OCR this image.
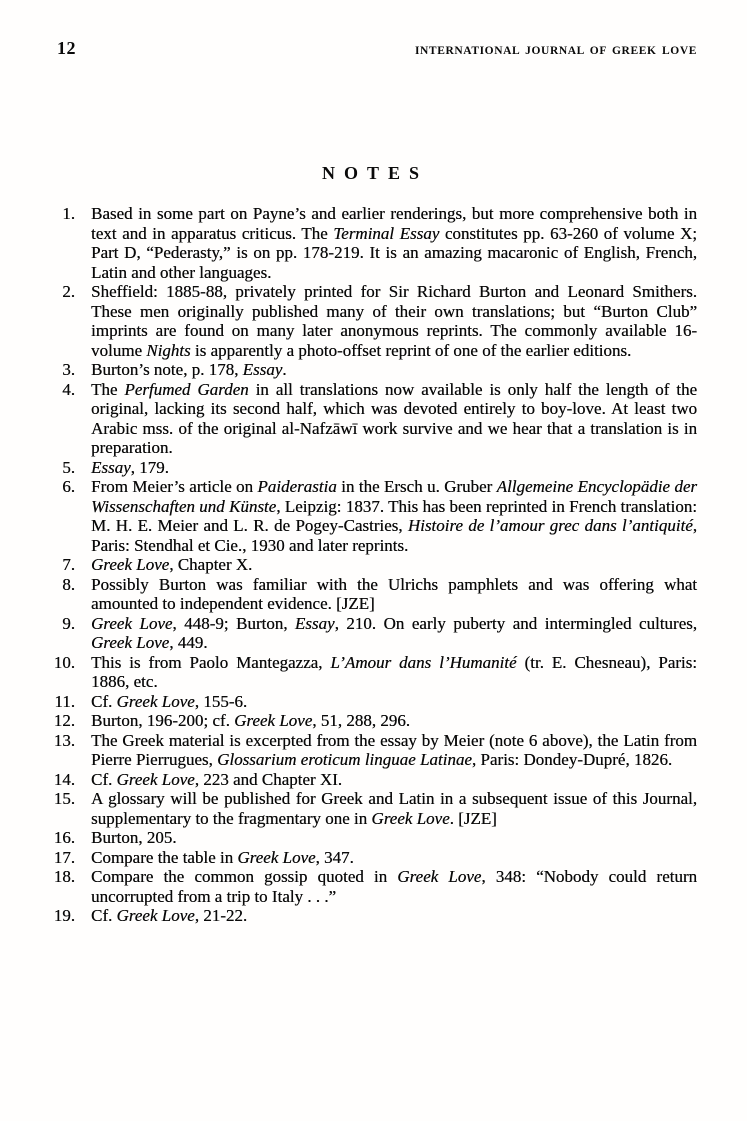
12	INTERNATIONAL JOURNAL OF GREEK LOVE
NOTES
1. Based in some part on Payne’s and earlier renderings, but more comprehensive both in text and in apparatus criticus. The Terminal Essay constitutes pp. 63-260 of volume X; Part D, “Pederasty,” is on pp. 178-219. It is an amazing macaronic of English, French, Latin and other languages.
2. Sheffield: 1885-88, privately printed for Sir Richard Burton and Leonard Smithers. These men originally published many of their own translations; but “Burton Club” imprints are found on many later anonymous reprints. The commonly available 16-volume Nights is apparently a photo-offset reprint of one of the earlier editions.
3. Burton’s note, p. 178, Essay.
4. The Perfumed Garden in all translations now available is only half the length of the original, lacking its second half, which was devoted entirely to boy-love. At least two Arabic mss. of the original al-Nafzāwī work survive and we hear that a translation is in preparation.
5. Essay, 179.
6. From Meier’s article on Paiderastia in the Ersch u. Gruber Allgemeine Encyclopädie der Wissenschaften und Künste, Leipzig: 1837. This has been reprinted in French translation: M. H. E. Meier and L. R. de Pogey-Castries, Histoire de l’amour grec dans l’antiquité, Paris: Stendhal et Cie., 1930 and later reprints.
7. Greek Love, Chapter X.
8. Possibly Burton was familiar with the Ulrichs pamphlets and was offering what amounted to independent evidence. [JZE]
9. Greek Love, 448-9; Burton, Essay, 210. On early puberty and intermingled cultures, Greek Love, 449.
10. This is from Paolo Mantegazza, L’Amour dans l’Humanité (tr. E. Chesneau), Paris: 1886, etc.
11. Cf. Greek Love, 155-6.
12. Burton, 196-200; cf. Greek Love, 51, 288, 296.
13. The Greek material is excerpted from the essay by Meier (note 6 above), the Latin from Pierre Pierrugues, Glossarium eroticum linguae Latinae, Paris: Dondey-Dupré, 1826.
14. Cf. Greek Love, 223 and Chapter XI.
15. A glossary will be published for Greek and Latin in a subsequent issue of this Journal, supplementary to the fragmentary one in Greek Love. [JZE]
16. Burton, 205.
17. Compare the table in Greek Love, 347.
18. Compare the common gossip quoted in Greek Love, 348: “Nobody could return uncorrupted from a trip to Italy . . .”
19. Cf. Greek Love, 21-22.
